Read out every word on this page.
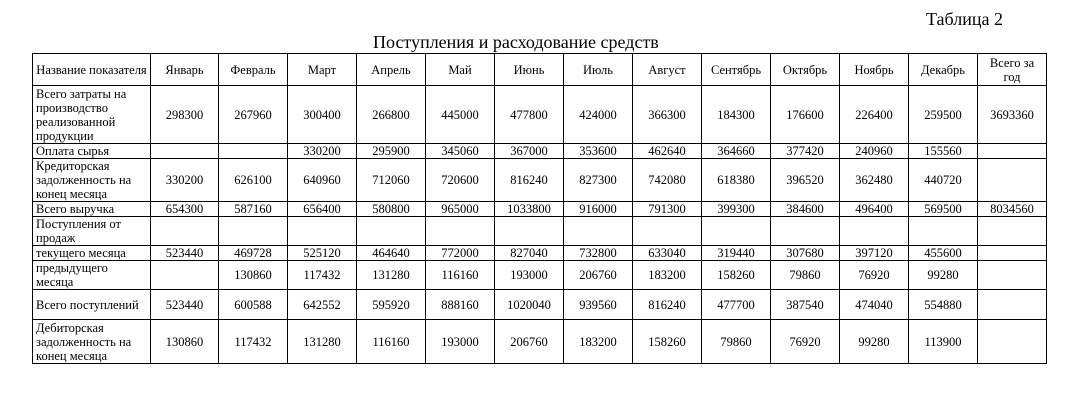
Таблица 2
Поступления и расходование средств
Название показателя	Январь	Февраль	Март	Апрель	Май	Июнь	Июль	Август	Сентябрь	Октябрь	Ноябрь	Декабрь	Всего за год
Всего затраты на производство реализованной продукции	298300	267960	300400	266800	445000	477800	424000	366300	184300	176600	226400	259500	3693360
Оплата сырья			330200	295900	345060	367000	353600	462640	364660	377420	240960	155560	
Кредиторская задолженность на конец месяца	330200	626100	640960	712060	720600	816240	827300	742080	618380	396520	362480	440720	
Всего выручка	654300	587160	656400	580800	965000	1033800	916000	791300	399300	384600	496400	569500	8034560
Поступления от продаж													
текущего месяца	523440	469728	525120	464640	772000	827040	732800	633040	319440	307680	397120	455600	
предыдущего месяца		130860	117432	131280	116160	193000	206760	183200	158260	79860	76920	99280	
Всего поступлений	523440	600588	642552	595920	888160	1020040	939560	816240	477700	387540	474040	554880	
Дебиторская задолженность на конец месяца	130860	117432	131280	116160	193000	206760	183200	158260	79860	76920	99280	113900	
